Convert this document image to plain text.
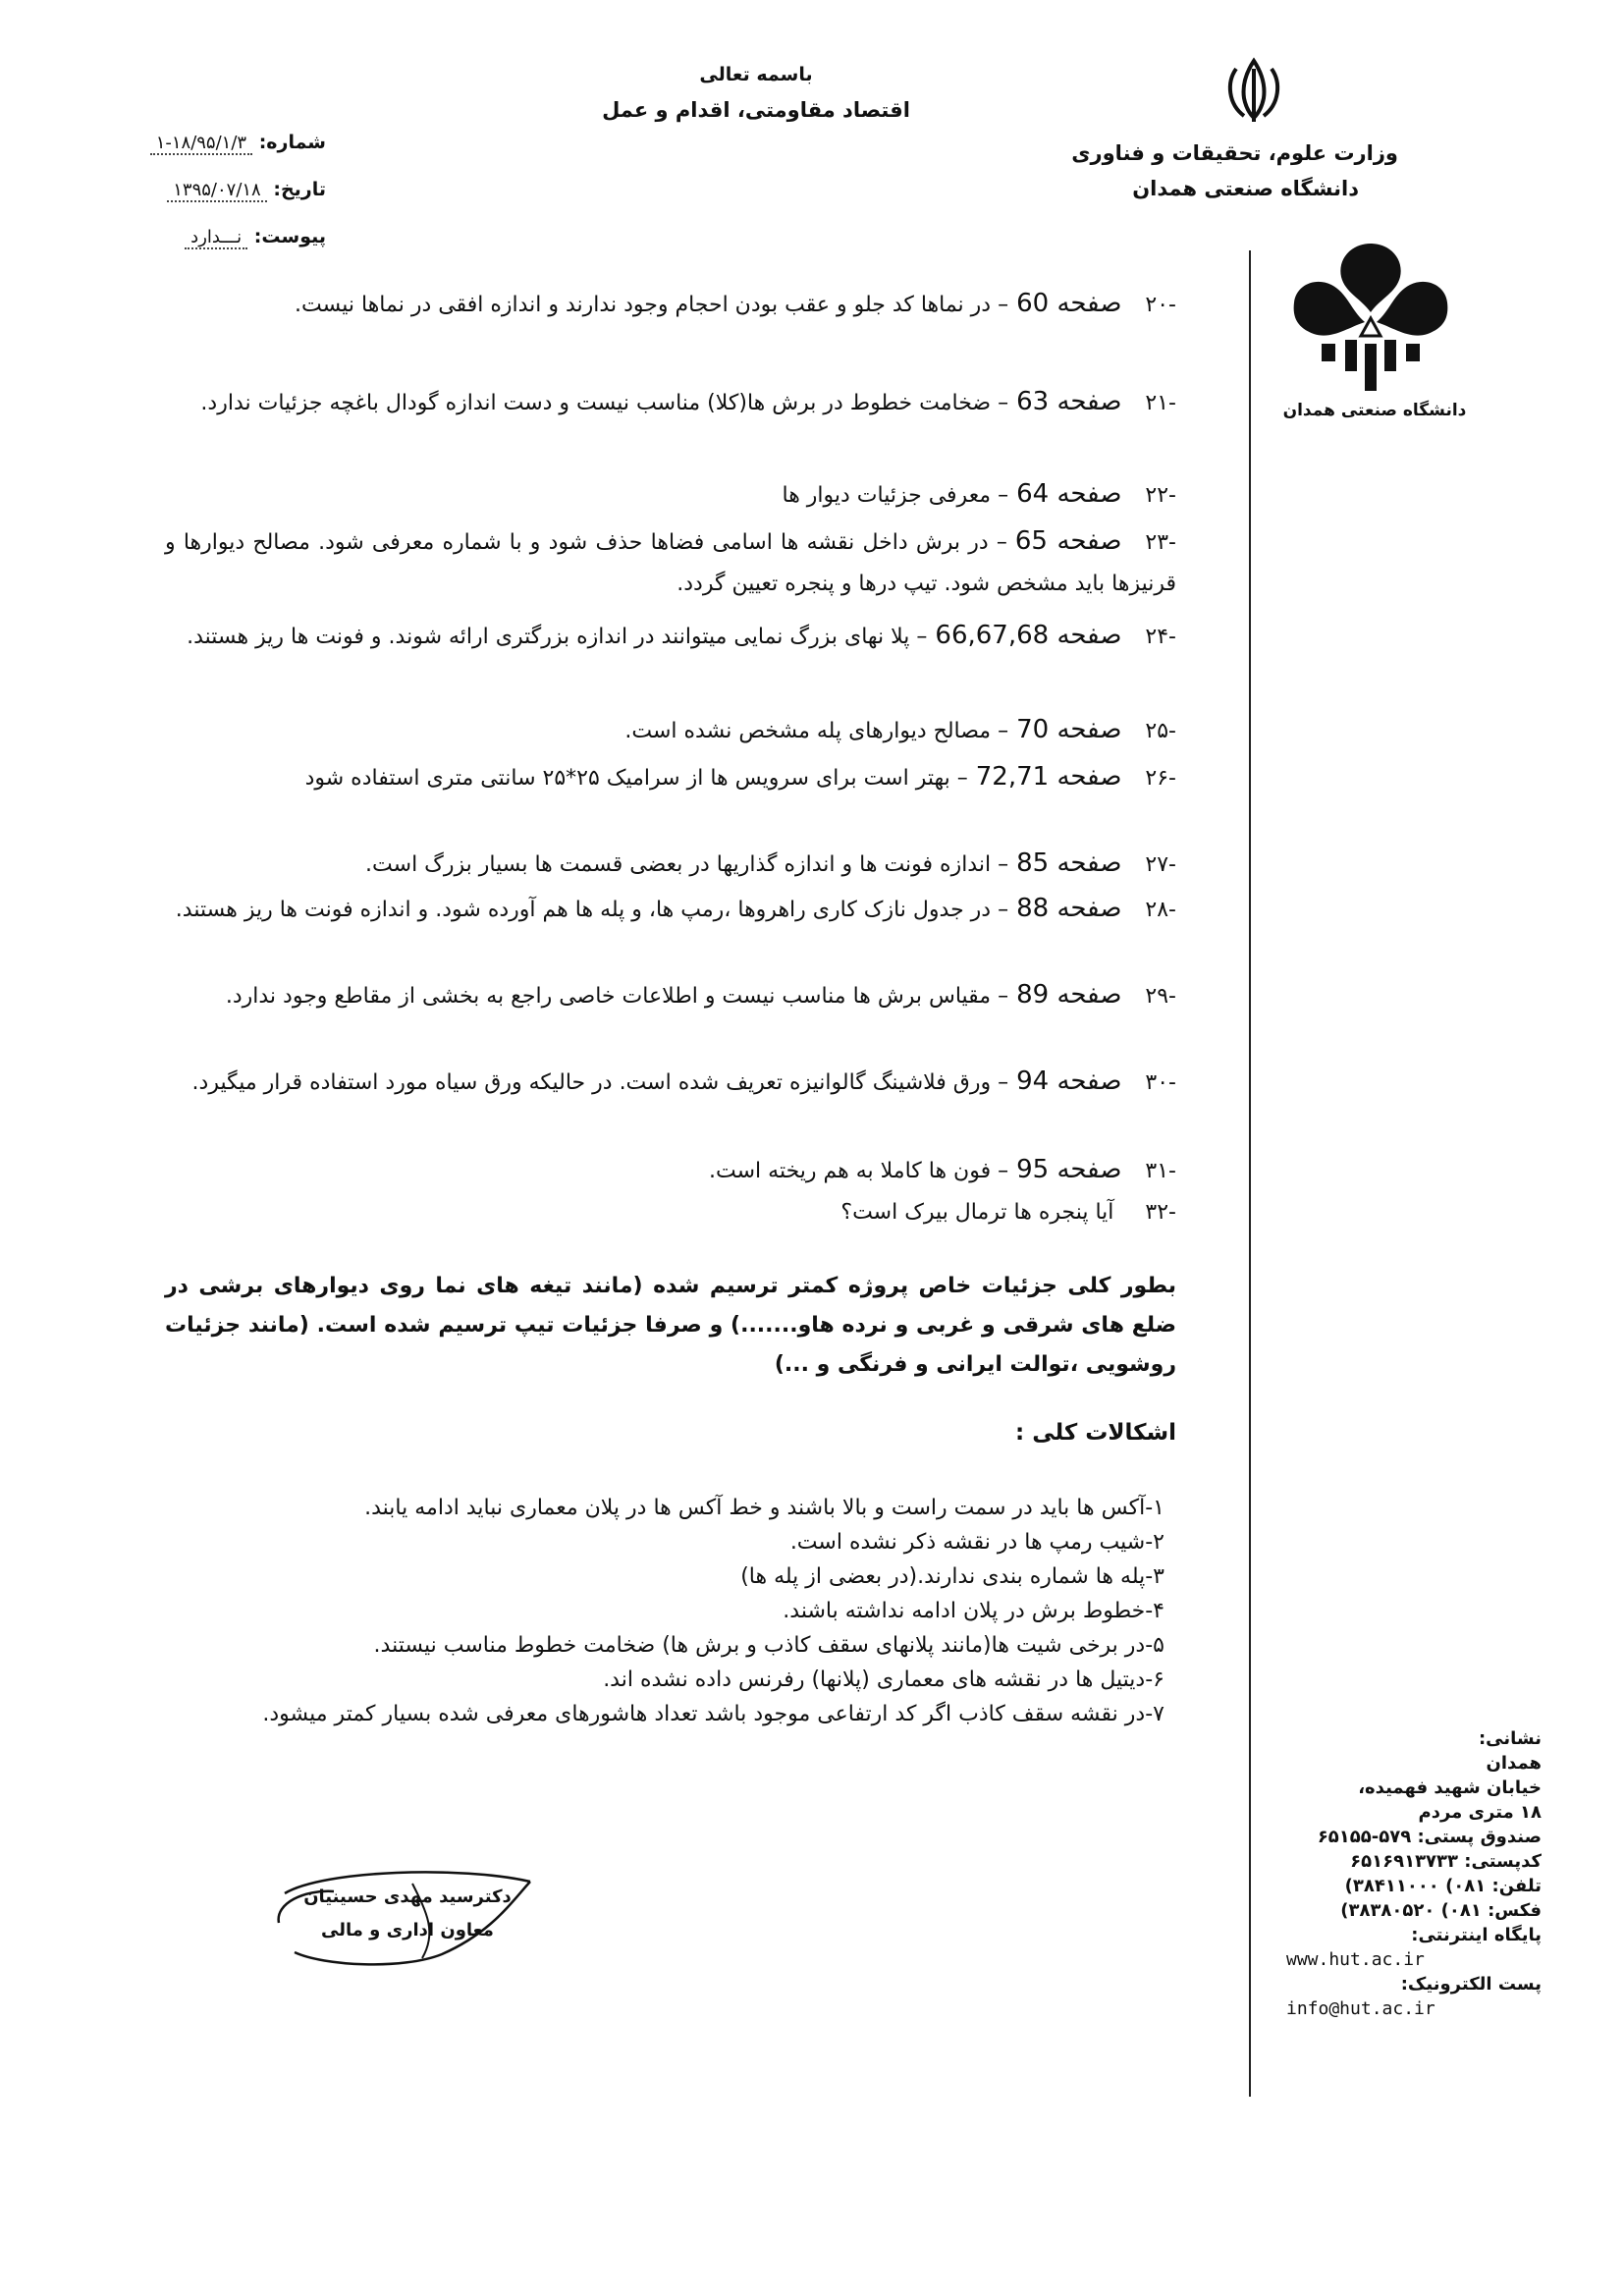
باسمه تعالی
اقتصاد مقاومتی، اقدام و عمل
وزارت علوم، تحقیقات و فناوری
دانشگاه صنعتی همدان
شماره: ۱۸/۹۵/۱/۳-۱
تاریخ: ۱۳۹۵/۰۷/۱۸
پیوست: نـــدارد
دانشگاه صنعتی همدان
-۲۰صفحه 60– در نماها کد جلو و عقب بودن احجام وجود ندارند و اندازه افقی در نماها نیست.
-۲۱صفحه 63– ضخامت خطوط در برش ها(کلا) مناسب نیست و دست اندازه گودال باغچه جزئیات ندارد.
-۲۲صفحه 64– معرفی جزئیات دیوار ها
-۲۳صفحه 65– در برش داخل نقشه ها اسامی فضاها حذف شود و با شماره معرفی شود. مصالح دیوارها و قرنیزها باید مشخص شود. تیپ درها و پنجره تعیین گردد.
-۲۴صفحه 66,67,68– پلا نهای بزرگ نمایی میتوانند در اندازه بزرگتری ارائه شوند. و فونت ها ریز هستند.
-۲۵صفحه 70– مصالح دیوارهای پله مشخص نشده است.
-۲۶صفحه 72,71– بهتر است برای سرویس ها از سرامیک ۲۵*۲۵ سانتی متری استفاده شود
-۲۷صفحه 85– اندازه فونت ها و اندازه گذاریها در بعضی قسمت ها بسیار بزرگ است.
-۲۸صفحه 88– در جدول نازک کاری راهروها ،رمپ ها، و پله ها هم آورده شود. و اندازه فونت ها ریز هستند.
-۲۹صفحه 89– مقیاس برش ها مناسب نیست و اطلاعات خاصی راجع به بخشی از مقاطع وجود ندارد.
-۳۰صفحه 94– ورق فلاشینگ گالوانیزه تعریف شده است. در حالیکه ورق سیاه مورد استفاده قرار میگیرد.
-۳۱صفحه 95– فون ها کاملا به هم ریخته است.
-۳۲آیا پنجره ها ترمال بیرک است؟
بطور کلی جزئیات خاص پروژه کمتر ترسیم شده (مانند تیغه های نما روی دیوارهای برشی در ضلع های شرقی و غربی و نرده هاو.......) و صرفا جزئیات تیپ ترسیم شده است. (مانند جزئیات روشویی ،توالت ایرانی و فرنگی و ...)
اشکالات کلی :
۱-آکس ها باید در سمت راست و بالا باشند و خط آکس ها در پلان معماری نباید ادامه یابند.
۲-شیب رمپ ها در نقشه ذکر نشده است.
۳-پله ها شماره بندی ندارند.(در بعضی از پله ها)
۴-خطوط برش در پلان ادامه نداشته باشند.
۵-در برخی شیت ها(مانند پلانهای سقف کاذب و برش ها) ضخامت خطوط مناسب نیستند.
۶-دیتیل ها در نقشه های معماری (پلانها) رفرنس داده نشده اند.
۷-در نقشه سقف کاذب اگر کد ارتفاعی موجود باشد تعداد هاشورهای معرفی شده بسیار کمتر میشود.
دکترسید مهدی حسینیان
معاون اداری و مالی
نشانی:
همدان
خیابان شهید فهمیده،
۱۸ متری مردم
صندوق پستی: ۵۷۹-۶۵۱۵۵
کدپستی: ۶۵۱۶۹۱۳۷۳۳
تلفن: ۰۸۱) ۳۸۴۱۱۰۰۰)
فکس: ۰۸۱) ۳۸۳۸۰۵۲۰)
پایگاه اینترنتی:
www.hut.ac.ir
پست الکترونیک:
info@hut.ac.ir
